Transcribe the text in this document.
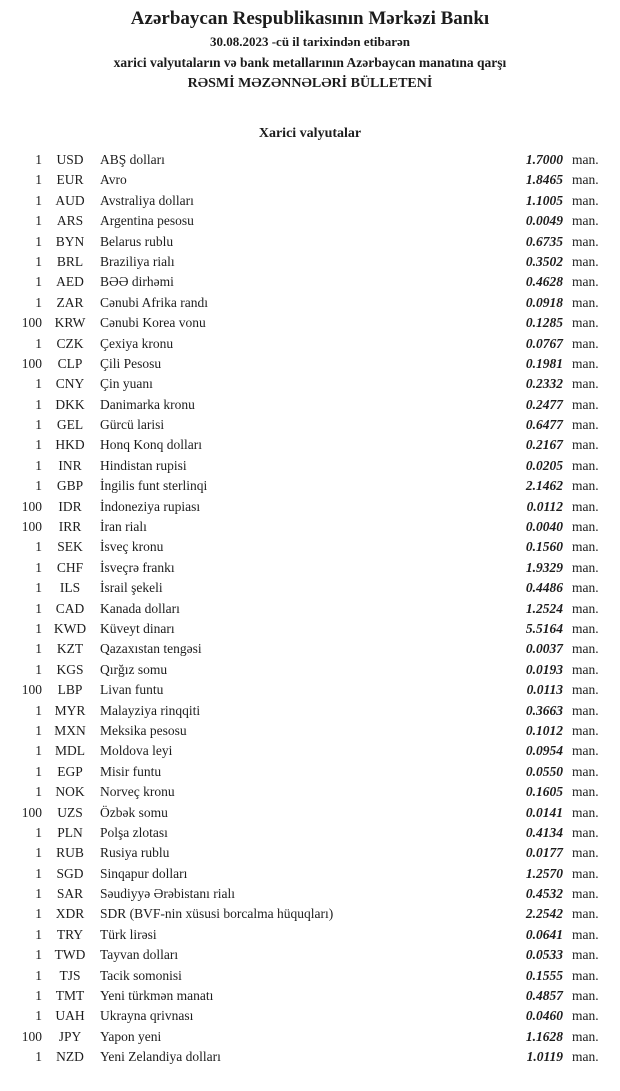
Azərbaycan Respublikasının Mərkəzi Bankı
30.08.2023 -cü il tarixindən etibarən
xarici valyutaların və bank metallarının Azərbaycan manatına qarşı
RƏSMİ MƏZƏNNƏLƏRİ BÜLLETENİ
Xarici valyutalar
1	USD	ABŞ dolları	1.7000 man.
1	EUR	Avro	1.8465 man.
1 AUD	Avstraliya dolları	1.1005 man.
1	ARS	Argentina pesosu	0.0049 man.
1	BYN	Belarus rublu	0.6735 man.
1	BRL	Braziliya rialı	0.3502 man.
1	AED	BƏƏ dirhəmi	0.4628 man.
1	ZAR	Cənubi Afrika randı	0.0918 man.
100 KRW	Cənubi Korea vonu	0.1285 man.
1	CZK	Çexiya kronu	0.0767 man.
100	CLP	Çili Pesosu	0.1981 man.
1	CNY	Çin yuanı	0.2332 man.
1 DKK	Danimarka kronu	0.2477 man.
1	GEL	Gürcü larisi	0.6477 man.
1 HKD	Honq Konq dolları	0.2167 man.
1	INR	Hindistan rupisi	0.0205 man.
1	GBP	İngilis funt sterlinqi	2.1462 man.
100	IDR	İndoneziya rupiası	0.0112 man.
100	IRR	İran rialı	0.0040 man.
1	SEK	İsveç kronu	0.1560 man.
1	CHF	İsveçrə frankı	1.9329 man.
1	ILS	İsrail şekeli	0.4486 man.
1	CAD	Kanada dolları	1.2524 man.
1 KWD	Küveyt dinarı	5.5164 man.
1	KZT	Qazaxıstan tengəsi	0.0037 man.
1	KGS	Qırğız somu	0.0193 man.
100	LBP	Livan funtu	0.0113 man.
1 MYR	Malayziya rinqqiti	0.3663 man.
1 MXN	Meksika pesosu	0.1012 man.
1 MDL	Moldova leyi	0.0954 man.
1	EGP	Misir funtu	0.0550 man.
1 NOK	Norveç kronu	0.1605 man.
100	UZS	Özbək somu	0.0141 man.
1	PLN	Polşa zlotası	0.4134 man.
1	RUB	Rusiya rublu	0.0177 man.
1	SGD	Sinqapur dolları	1.2570 man.
1	SAR	Səudiyyə Ərəbistanı rialı	0.4532 man.
1	XDR	SDR (BVF-nin xüsusi borcalma hüquqları)	2.2542 man.
1	TRY	Türk lirəsi	0.0641 man.
1 TWD	Tayvan dolları	0.0533 man.
1	TJS	Tacik somonisi	0.1555 man.
1	TMT	Yeni türkmən manatı	0.4857 man.
1 UAH	Ukrayna qrivnası	0.0460 man.
100	JPY	Yapon yeni	1.1628 man.
1	NZD	Yeni Zelandiya dolları	1.0119 man.
